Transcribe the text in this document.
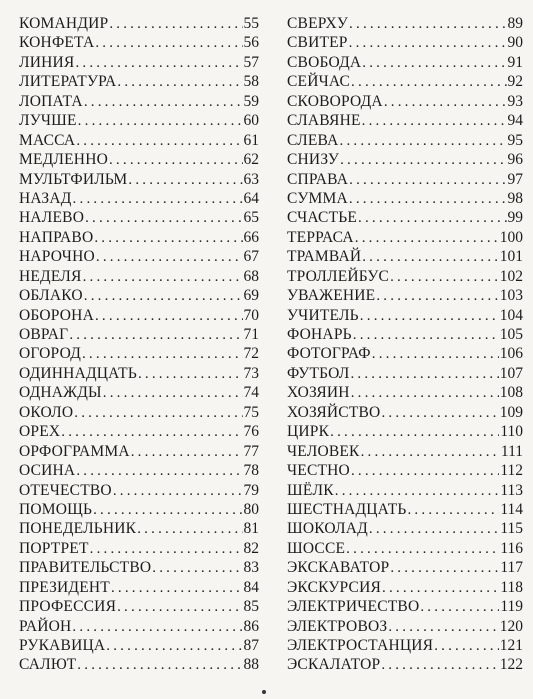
КОМАНДИР .....	55
КОНФЕТА .....	56
ЛИНИЯ .....	57
ЛИТЕРАТУРА .....	58
ЛОПАТА .....	59
ЛУЧШЕ .....	60
МАССА .....	61
МЕДЛЕННО .....	62
МУЛЬТФИЛЬМ .....	63
НАЗАД .....	64
НАЛЕВО .....	65
НАПРАВО .....	66
НАРОЧНО .....	67
НЕДЕЛЯ .....	68
ОБЛАКО .....	69
ОБОРОНА .....	70
ОВРАГ .....	71
ОГОРОД .....	72
ОДИННАДЦАТЬ .....	73
ОДНАЖДЫ .....	74
ОКОЛО .....	75
ОРЕХ .....	76
ОРФОГРАММА .....	77
ОСИНА .....	78
ОТЕЧЕСТВО .....	79
ПОМОЩЬ .....	80
ПОНЕДЕЛЬНИК .....	81
ПОРТРЕТ .....	82
ПРАВИТЕЛЬСТВО .....	83
ПРЕЗИДЕНТ .....	84
ПРОФЕССИЯ .....	85
РАЙОН .....	86
РУКАВИЦА .....	87
САЛЮТ .....	88
СВЕРХУ .....	89
СВИТЕР .....	90
СВОБОДА .....	91
СЕЙЧАС .....	92
СКОВОРОДА .....	93
СЛАВЯНЕ .....	94
СЛЕВА .....	95
СНИЗУ .....	96
СПРАВА .....	97
СУММА .....	98
СЧАСТЬЕ .....	99
ТЕРРАСА .....	100
ТРАМВАЙ .....	101
ТРОЛЛЕЙБУС .....	102
УВАЖЕНИЕ .....	103
УЧИТЕЛЬ .....	104
ФОНАРЬ .....	105
ФОТОГРАФ .....	106
ФУТБОЛ .....	107
ХОЗЯИН .....	108
ХОЗЯЙСТВО .....	109
ЦИРК .....	110
ЧЕЛОВЕК .....	111
ЧЕСТНО .....	112
ШЁЛК .....	113
ШЕСТНАДЦАТЬ .....	114
ШОКОЛАД .....	115
ШОССЕ .....	116
ЭКСКАВАТОР .....	117
ЭКСКУРСИЯ .....	118
ЭЛЕКТРИЧЕСТВО .....	119
ЭЛЕКТРОВОЗ .....	120
ЭЛЕКТРОСТАНЦИЯ .....	121
ЭСКАЛАТОР .....	122
